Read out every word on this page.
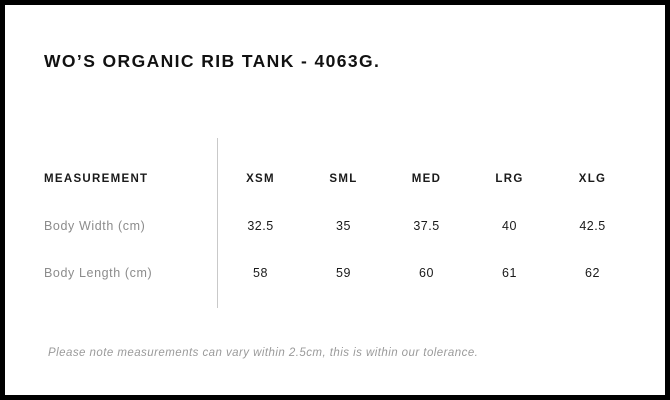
WO’S ORGANIC RIB TANK - 4063G.
MEASUREMENT	XSM	SML	MED	LRG	XLG
Body Width (cm)	32.5	35	37.5	40	42.5
Body Length (cm)	58	59	60	61	62
Please note measurements can vary within 2.5cm, this is within our tolerance.
